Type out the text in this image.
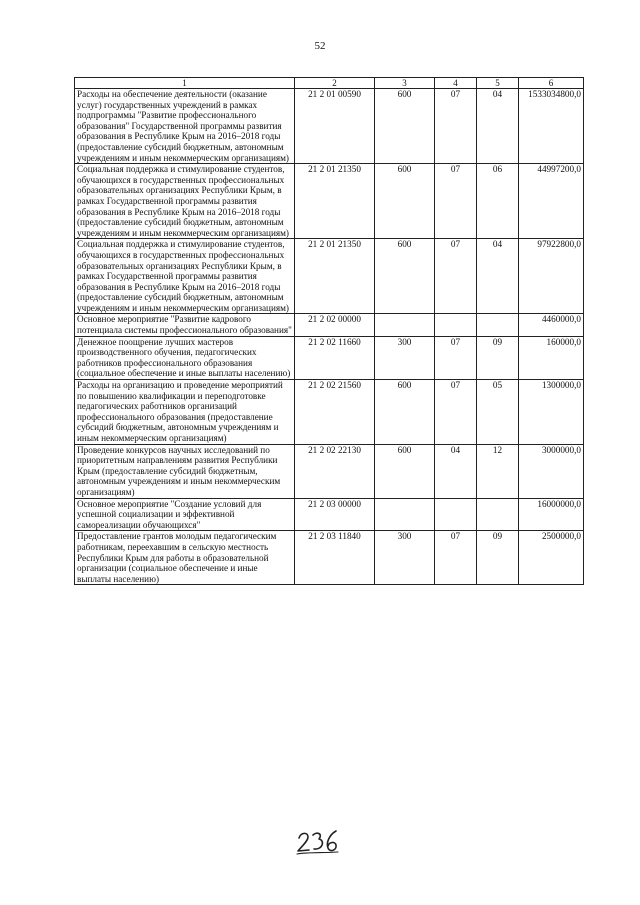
52
1	2	3	4	5	6
Расходы на обеспечение деятельности (оказание услуг) государственных учреждений в рамках подпрограммы "Развитие профессионального образования" Государственной программы развития образования в Республике Крым на 2016–2018 годы (предоставление субсидий бюджетным, автономным учреждениям и иным некоммерческим организациям)	21 2 01 00590	600	07	04	1533034800,0
Социальная поддержка и стимулирование студентов, обучающихся в государственных профессиональных образовательных организациях Республики Крым, в рамках Государственной программы развития образования в Республике Крым на 2016–2018 годы (предоставление субсидий бюджетным, автономным учреждениям и иным некоммерческим организациям)	21 2 01 21350	600	07	06	44997200,0
Социальная поддержка и стимулирование студентов, обучающихся в государственных профессиональных образовательных организациях Республики Крым, в рамках Государственной программы развития образования в Республике Крым на 2016–2018 годы (предоставление субсидий бюджетным, автономным учреждениям и иным некоммерческим организациям)	21 2 01 21350	600	07	04	97922800,0
Основное мероприятие "Развитие кадрового потенциала системы профессионального образования"	21 2 02 00000				4460000,0
Денежное поощрение лучших мастеров производственного обучения, педагогических работников профессионального образования (социальное обеспечение и иные выплаты населению)	21 2 02 11660	300	07	09	160000,0
Расходы на организацию и проведение мероприятий по повышению квалификации и переподготовке педагогических работников организаций профессионального образования (предоставление субсидий бюджетным, автономным учреждениям и иным некоммерческим организациям)	21 2 02 21560	600	07	05	1300000,0
Проведение конкурсов научных исследований по приоритетным направлениям развития Республики Крым (предоставление субсидий бюджетным, автономным учреждениям и иным некоммерческим организациям)	21 2 02 22130	600	04	12	3000000,0
Основное мероприятие "Создание условий для успешной социализации и эффективной самореализации обучающихся"	21 2 03 00000				16000000,0
Предоставление грантов молодым педагогическим работникам, переехавшим в сельскую местность Республики Крым для работы в образовательной организации (социальное обеспечение и иные выплаты населению)	21 2 03 11840	300	07	09	2500000,0
